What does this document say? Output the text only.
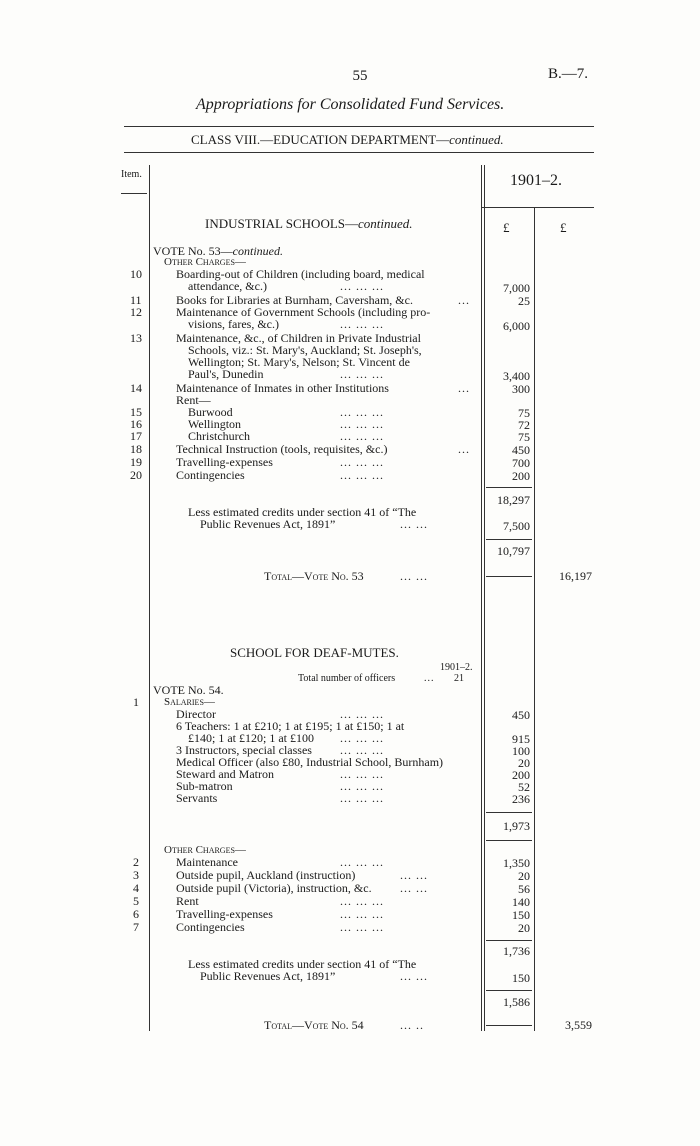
55	B.—7.
Appropriations for Consolidated Fund Services.
CLASS VIII.—EDUCATION DEPARTMENT—continued.
Item.	1901–2.
INDUSTRIAL SCHOOLS—continued.	£	£
VOTE No. 53—continued.
Other Charges—
10	Boarding-out of Children (including board, medical
attendance, &c.)	... ... ...	7,000
11	Books for Libraries at Burnham, Caversham, &c.	...	25
12	Maintenance of Government Schools (including pro-
visions, fares, &c.)	... ... ...	6,000
13	Maintenance, &c., of Children in Private Industrial
Schools, viz.: St. Mary's, Auckland; St. Joseph's,
Wellington; St. Mary's, Nelson; St. Vincent de
Paul's, Dunedin	... ... ...	3,400
14	Maintenance of Inmates in other Institutions	...	300
Rent—
15	Burwood	... ... ...	75
16	Wellington	... ... ...	72
17	Christchurch	... ... ...	75
18	Technical Instruction (tools, requisites, &c.)	...	450
19	Travelling-expenses	... ... ...	700
20	Contingencies	... ... ...	200
18,297
Less estimated credits under section 41 of “The
Public Revenues Act, 1891”	... ...	7,500
10,797
Total—Vote No. 53	... ...	16,197
SCHOOL FOR DEAF-MUTES.
1901–2.
Total number of officers	... 21
VOTE No. 54.
1 Salaries—
Director	... ... ...	450
6 Teachers: 1 at £210; 1 at £195; 1 at £150; 1 at
£140; 1 at £120; 1 at £100 ... ... ...	915
3 Instructors, special classes ... ... ...	100
Medical Officer (also £80, Industrial School, Burnham)	20
Steward and Matron	... ... ...	200
Sub-matron	... ... ...	52
Servants	... ... ...	236
1,973
Other Charges—
2	Maintenance	... ... ...	1,350
3	Outside pupil, Auckland (instruction)	... ...	20
4	Outside pupil (Victoria), instruction, &c. ... ...	56
5	Rent	... ... ...	140
6	Travelling-expenses	... ... ...	150
7	Contingencies	... ... ...	20
1,736
Less estimated credits under section 41 of “The
Public Revenues Act, 1891”	... ...	150
1,586
Total—Vote No. 54	... ..	3,559
